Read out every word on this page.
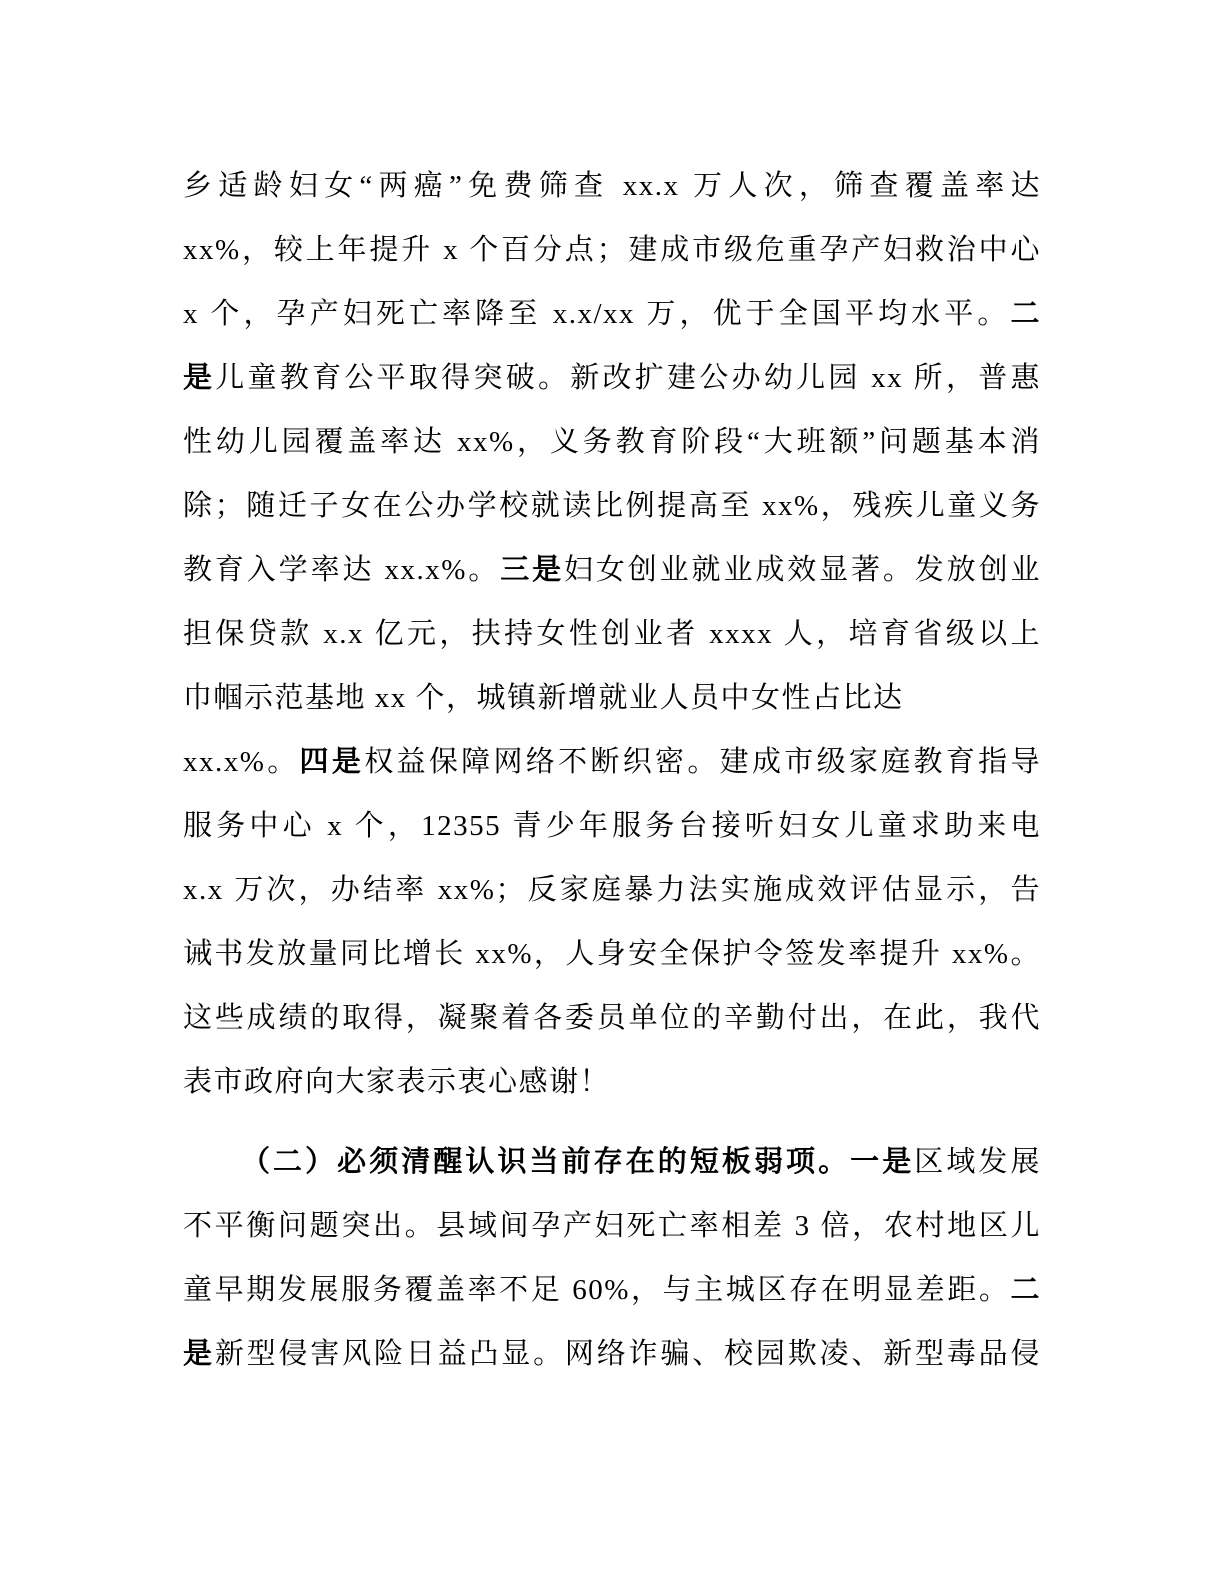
乡适龄妇女“两癌”免费筛查 xx.x 万人次，筛查覆盖率达
xx%，较上年提升 x 个百分点；建成市级危重孕产妇救治中心
x 个，孕产妇死亡率降至 x.x/xx 万，优于全国平均水平。二
是儿童教育公平取得突破。新改扩建公办幼儿园 xx 所，普惠
性幼儿园覆盖率达 xx%，义务教育阶段“大班额”问题基本消
除；随迁子女在公办学校就读比例提高至 xx%，残疾儿童义务
教育入学率达 xx.x%。三是妇女创业就业成效显著。发放创业
担保贷款 x.x 亿元，扶持女性创业者 xxxx 人，培育省级以上
巾帼示范基地 xx 个，城镇新增就业人员中女性占比达
xx.x%。四是权益保障网络不断织密。建成市级家庭教育指导
服务中心 x 个，12355 青少年服务台接听妇女儿童求助来电
x.x 万次，办结率 xx%；反家庭暴力法实施成效评估显示，告
诫书发放量同比增长 xx%，人身安全保护令签发率提升 xx%。
这些成绩的取得，凝聚着各委员单位的辛勤付出，在此，我代
表市政府向大家表示衷心感谢！
（二）必须清醒认识当前存在的短板弱项。一是区域发展
不平衡问题突出。县域间孕产妇死亡率相差 3 倍，农村地区儿
童早期发展服务覆盖率不足 60%，与主城区存在明显差距。二
是新型侵害风险日益凸显。网络诈骗、校园欺凌、新型毒品侵
